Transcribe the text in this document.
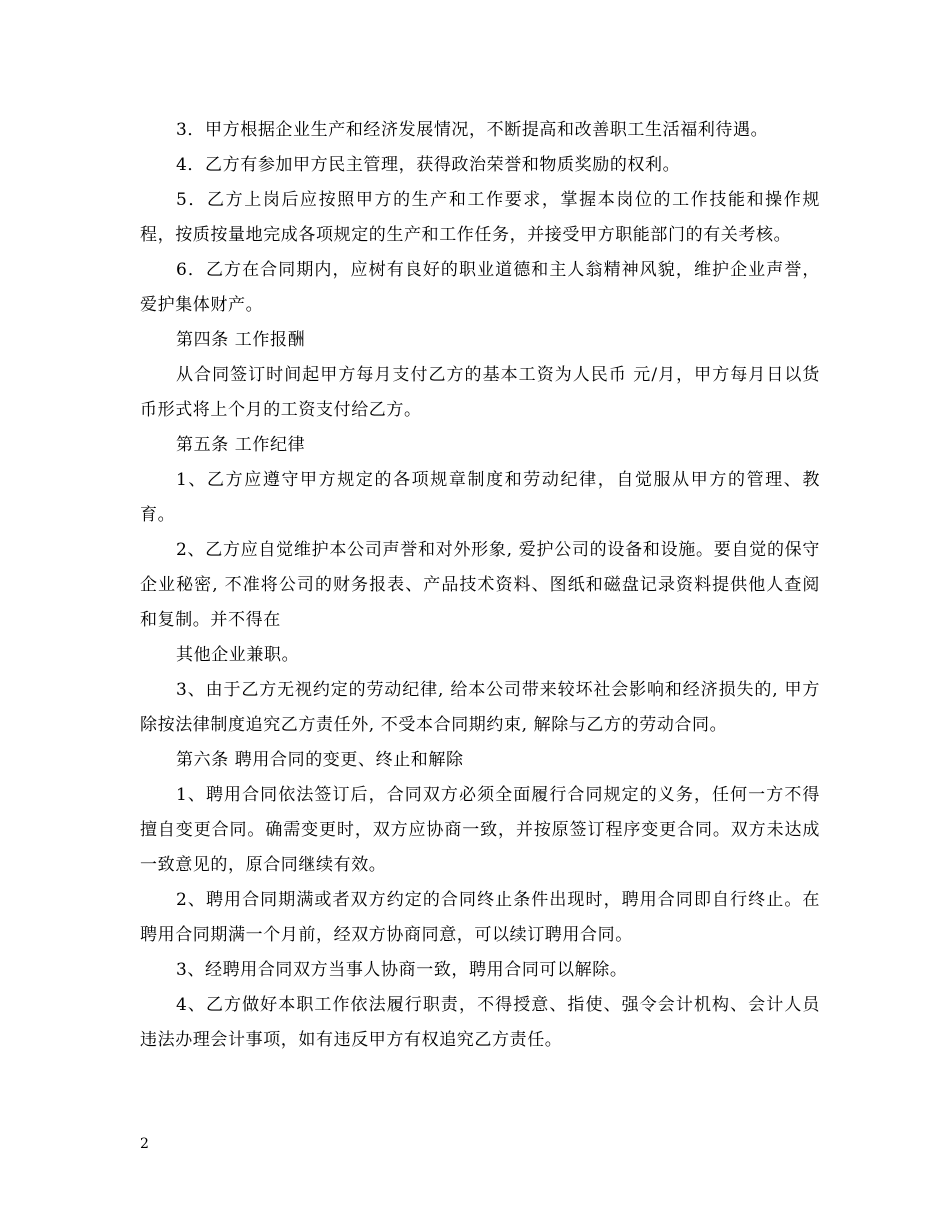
3．甲方根据企业生产和经济发展情况，不断提高和改善职工生活福利待遇。

4．乙方有参加甲方民主管理，获得政治荣誉和物质奖励的权利。

5．乙方上岗后应按照甲方的生产和工作要求，掌握本岗位的工作技能和操作规程，按质按量地完成各项规定的生产和工作任务，并接受甲方职能部门的有关考核。

6．乙方在合同期内，应树有良好的职业道德和主人翁精神风貌，维护企业声誉，爱护集体财产。

第四条 工作报酬

从合同签订时间起甲方每月支付乙方的基本工资为人民币 元/月，甲方每月日以货币形式将上个月的工资支付给乙方。

第五条 工作纪律

1、乙方应遵守甲方规定的各项规章制度和劳动纪律，自觉服从甲方的管理、教育。

2、乙方应自觉维护本公司声誉和对外形象, 爱护公司的设备和设施。要自觉的保守企业秘密, 不准将公司的财务报表、产品技术资料、图纸和磁盘记录资料提供他人查阅和复制。并不得在

其他企业兼职。

3、由于乙方无视约定的劳动纪律, 给本公司带来较坏社会影响和经济损失的, 甲方除按法律制度追究乙方责任外, 不受本合同期约束, 解除与乙方的劳动合同。

第六条 聘用合同的变更、终止和解除

1、聘用合同依法签订后，合同双方必须全面履行合同规定的义务，任何一方不得擅自变更合同。确需变更时，双方应协商一致，并按原签订程序变更合同。双方未达成一致意见的，原合同继续有效。

2、聘用合同期满或者双方约定的合同终止条件出现时，聘用合同即自行终止。在聘用合同期满一个月前，经双方协商同意，可以续订聘用合同。

3、经聘用合同双方当事人协商一致，聘用合同可以解除。

4、乙方做好本职工作依法履行职责，不得授意、指使、强令会计机构、会计人员违法办理会计事项，如有违反甲方有权追究乙方责任。

2
